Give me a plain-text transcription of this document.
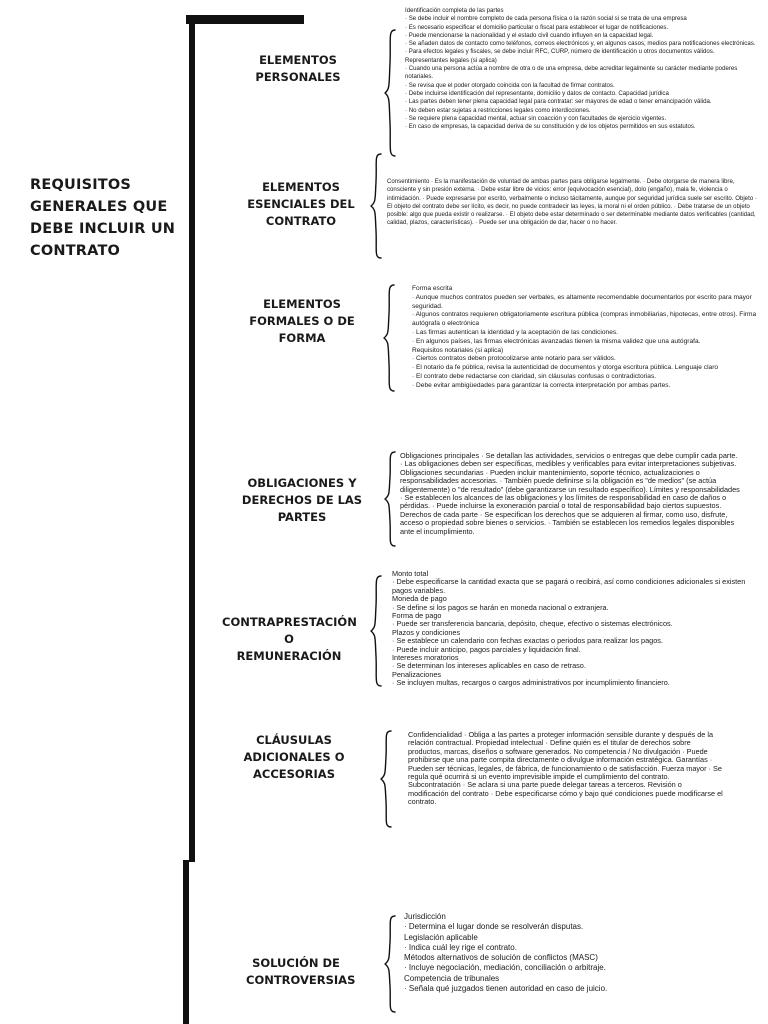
REQUISITOS GENERALES QUE DEBE INCLUIR UN CONTRATO
ELEMENTOS
PERSONALES

Identificación completa de las partes
· Se debe incluir el nombre completo de cada persona física o la razón social si se trata de una empresa
· Es necesario especificar el domicilio particular o fiscal para establecer el lugar de notificaciones.
· Puede mencionarse la nacionalidad y el estado civil cuando influyen en la capacidad legal.
· Se añaden datos de contacto como teléfonos, correos electrónicos y, en algunos casos, medios para notificaciones electrónicas.
· Para efectos legales y fiscales, se debe incluir RFC, CURP, número de identificación u otros documentos válidos.
Representantes legales (si aplica)
· Cuando una persona actúa a nombre de otra o de una empresa, debe acreditar legalmente su carácter mediante poderes notariales.
· Se revisa que el poder otorgado coincida con la facultad de firmar contratos.
· Debe incluirse identificación del representante, domicilio y datos de contacto. Capacidad jurídica
· Las partes deben tener plena capacidad legal para contratar: ser mayores de edad o tener emancipación válida.
· No deben estar sujetas a restricciones legales como interdicciones.
· Se requiere plena capacidad mental, actuar sin coacción y con facultades de ejercicio vigentes.
· En caso de empresas, la capacidad deriva de su constitución y de los objetos permitidos en sus estatutos.

ELEMENTOS
ESENCIALES DEL
CONTRATO

Consentimiento · Es la manifestación de voluntad de ambas partes para obligarse legalmente. · Debe otorgarse de manera libre, consciente y sin presión externa. · Debe estar libre de vicios: error (equivocación esencial), dolo (engaño), mala fe, violencia o intimidación. · Puede expresarse por escrito, verbalmente o incluso tácitamente, aunque por seguridad jurídica suele ser escrito. Objeto · El objeto del contrato debe ser lícito, es decir, no puede contradecir las leyes, la moral ni el orden público. · Debe tratarse de un objeto posible: algo que pueda existir o realizarse. · El objeto debe estar determinado o ser determinable mediante datos verificables (cantidad, calidad, plazos, características). · Puede ser una obligación de dar, hacer o no hacer.

ELEMENTOS
FORMALES O DE
FORMA

Forma escrita
· Aunque muchos contratos pueden ser verbales, es altamente recomendable documentarlos por escrito para mayor seguridad.
· Algunos contratos requieren obligatoriamente escritura pública (compras inmobiliarias, hipotecas, entre otros). Firma autógrafa o electrónica
· Las firmas autentican la identidad y la aceptación de las condiciones.
· En algunos países, las firmas electrónicas avanzadas tienen la misma validez que una autógrafa.
Requisitos notariales (si aplica)
· Ciertos contratos deben protocolizarse ante notario para ser válidos.
· El notario da fe pública, revisa la autenticidad de documentos y otorga escritura pública. Lenguaje claro
· El contrato debe redactarse con claridad, sin cláusulas confusas o contradictorias.
· Debe evitar ambigüedades para garantizar la correcta interpretación por ambas partes.

OBLIGACIONES Y
DERECHOS DE LAS
PARTES

Obligaciones principales · Se detallan las actividades, servicios o entregas que debe cumplir cada parte. · Las obligaciones deben ser específicas, medibles y verificables para evitar interpretaciones subjetivas. Obligaciones secundarias · Pueden incluir mantenimiento, soporte técnico, actualizaciones o responsabilidades accesorias. · También puede definirse si la obligación es "de medios" (se actúa diligentemente) o "de resultado" (debe garantizarse un resultado específico). Límites y responsabilidades · Se establecen los alcances de las obligaciones y los límites de responsabilidad en caso de daños o pérdidas. · Puede incluirse la exoneración parcial o total de responsabilidad bajo ciertos supuestos. Derechos de cada parte · Se especifican los derechos que se adquieren al firmar, como uso, disfrute, acceso o propiedad sobre bienes o servicios. · También se establecen los remedios legales disponibles ante el incumplimiento.

CONTRAPRESTACIÓN O
REMUNERACIÓN

Monto total
· Debe especificarse la cantidad exacta que se pagará o recibirá, así como condiciones adicionales si existen pagos variables.
Moneda de pago
· Se define si los pagos se harán en moneda nacional o extranjera.
Forma de pago
· Puede ser transferencia bancaria, depósito, cheque, efectivo o sistemas electrónicos.
Plazos y condiciones
· Se establece un calendario con fechas exactas o periodos para realizar los pagos.
· Puede incluir anticipo, pagos parciales y liquidación final.
Intereses moratorios
· Se determinan los intereses aplicables en caso de retraso.
Penalizaciones
· Se incluyen multas, recargos o cargos administrativos por incumplimiento financiero.

CLÁUSULAS
ADICIONALES O
ACCESORIAS

Confidencialidad · Obliga a las partes a proteger información sensible durante y después de la relación contractual. Propiedad intelectual · Define quién es el titular de derechos sobre productos, marcas, diseños o software generados. No competencia / No divulgación · Puede prohibirse que una parte compita directamente o divulgue información estratégica. Garantías · Pueden ser técnicas, legales, de fábrica, de funcionamiento o de satisfacción. Fuerza mayor · Se regula qué ocurrirá si un evento imprevisible impide el cumplimiento del contrato. Subcontratación · Se aclara si una parte puede delegar tareas a terceros. Revisión o modificación del contrato · Debe especificarse cómo y bajo qué condiciones puede modificarse el contrato.

SOLUCIÓN DE
CONTROVERSIAS

Jurisdicción
· Determina el lugar donde se resolverán disputas.
Legislación aplicable
· Indica cuál ley rige el contrato.
Métodos alternativos de solución de conflictos (MASC)
· Incluye negociación, mediación, conciliación o arbitraje.
Competencia de tribunales
· Señala qué juzgados tienen autoridad en caso de juicio.
